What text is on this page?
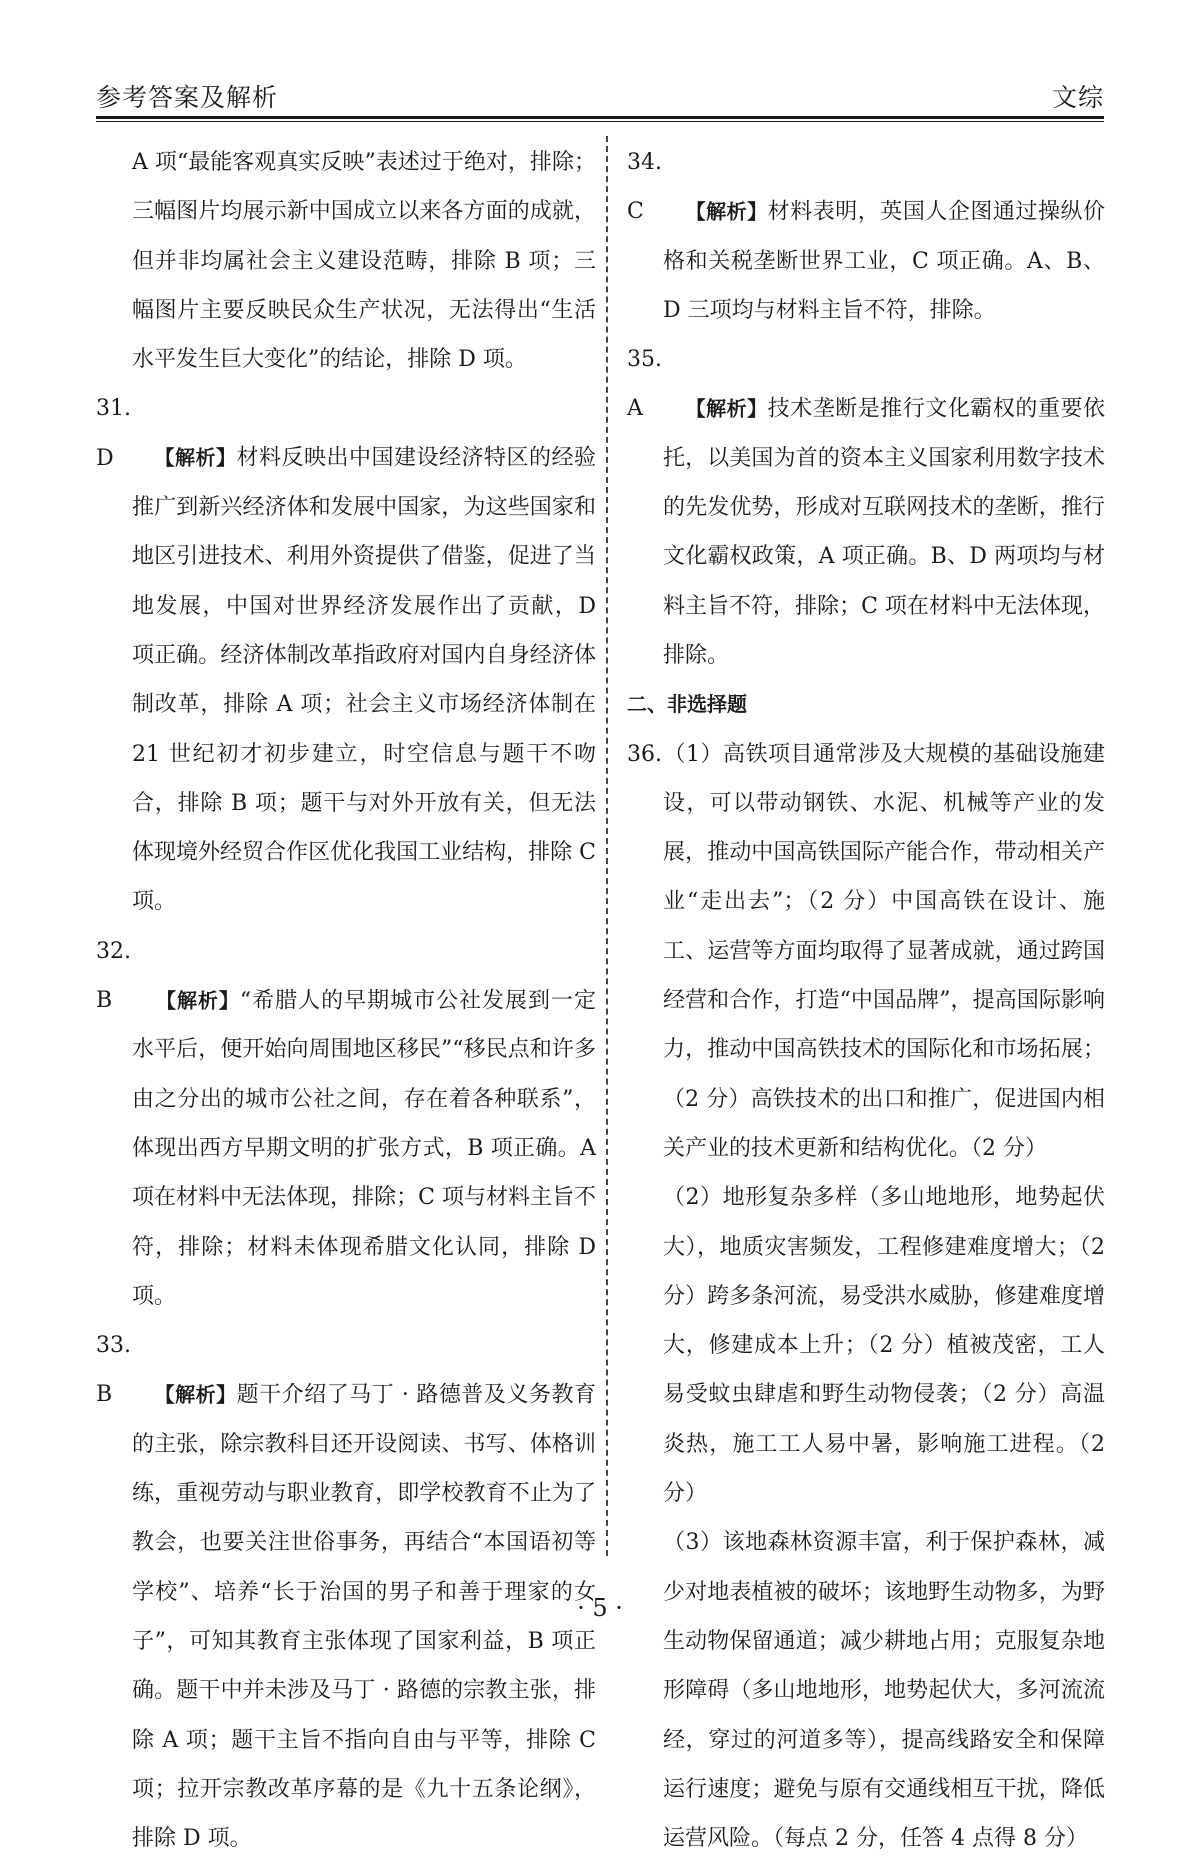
参考答案及解析	文综

A 项“最能客观真实反映”表述过于绝对，排除；三幅图片均展示新中国成立以来各方面的成就，但并非均属社会主义建设范畴，排除 B 项；三幅图片主要反映民众生产状况，无法得出“生活水平发生巨大变化”的结论，排除 D 项。

31. D 【解析】材料反映出中国建设经济特区的经验推广到新兴经济体和发展中国家，为这些国家和地区引进技术、利用外资提供了借鉴，促进了当地发展，中国对世界经济发展作出了贡献，D 项正确。经济体制改革指政府对国内自身经济体制改革，排除 A 项；社会主义市场经济体制在 21 世纪初才初步建立，时空信息与题干不吻合，排除 B 项；题干与对外开放有关，但无法体现境外经贸合作区优化我国工业结构，排除 C 项。

32. B 【解析】“希腊人的早期城市公社发展到一定水平后，便开始向周围地区移民”“移民点和许多由之分出的城市公社之间，存在着各种联系”，体现出西方早期文明的扩张方式，B 项正确。A 项在材料中无法体现，排除；C 项与材料主旨不符，排除；材料未体现希腊文化认同，排除 D 项。

33. B 【解析】题干介绍了马丁 · 路德普及义务教育的主张，除宗教科目还开设阅读、书写、体格训练，重视劳动与职业教育，即学校教育不止为了教会，也要关注世俗事务，再结合“本国语初等学校”、培养“长于治国的男子和善于理家的女子”，可知其教育主张体现了国家利益，B 项正确。题干中并未涉及马丁 · 路德的宗教主张，排除 A 项；题干主旨不指向自由与平等，排除 C 项；拉开宗教改革序幕的是《九十五条论纲》，排除 D 项。

34. C 【解析】材料表明，英国人企图通过操纵价格和关税垄断世界工业，C 项正确。A、B、D 三项均与材料主旨不符，排除。

35. A 【解析】技术垄断是推行文化霸权的重要依托，以美国为首的资本主义国家利用数字技术的先发优势，形成对互联网技术的垄断，推行文化霸权政策，A 项正确。B、D 两项均与材料主旨不符，排除；C 项在材料中无法体现，排除。

二、非选择题

36.（1）高铁项目通常涉及大规模的基础设施建设，可以带动钢铁、水泥、机械等产业的发展，推动中国高铁国际产能合作，带动相关产业“走出去”；（2 分）中国高铁在设计、施工、运营等方面均取得了显著成就，通过跨国经营和合作，打造“中国品牌”，提高国际影响力，推动中国高铁技术的国际化和市场拓展；（2 分）高铁技术的出口和推广，促进国内相关产业的技术更新和结构优化。（2 分）

（2）地形复杂多样（多山地地形，地势起伏大），地质灾害频发，工程修建难度增大；（2 分）跨多条河流，易受洪水威胁，修建难度增大，修建成本上升；（2 分）植被茂密，工人易受蚊虫肆虐和野生动物侵袭；（2 分）高温炎热，施工工人易中暑，影响施工进程。（2 分）

（3）该地森林资源丰富，利于保护森林，减少对地表植被的破坏；该地野生动物多，为野生动物保留通道；减少耕地占用；克服复杂地形障碍（多山地地形，地势起伏大，多河流流经，穿过的河道多等），提高线路安全和保障运行速度；避免与原有交通线相互干扰，降低运营风险。（每点 2 分，任答 4 点得 8 分）

· 5 ·
